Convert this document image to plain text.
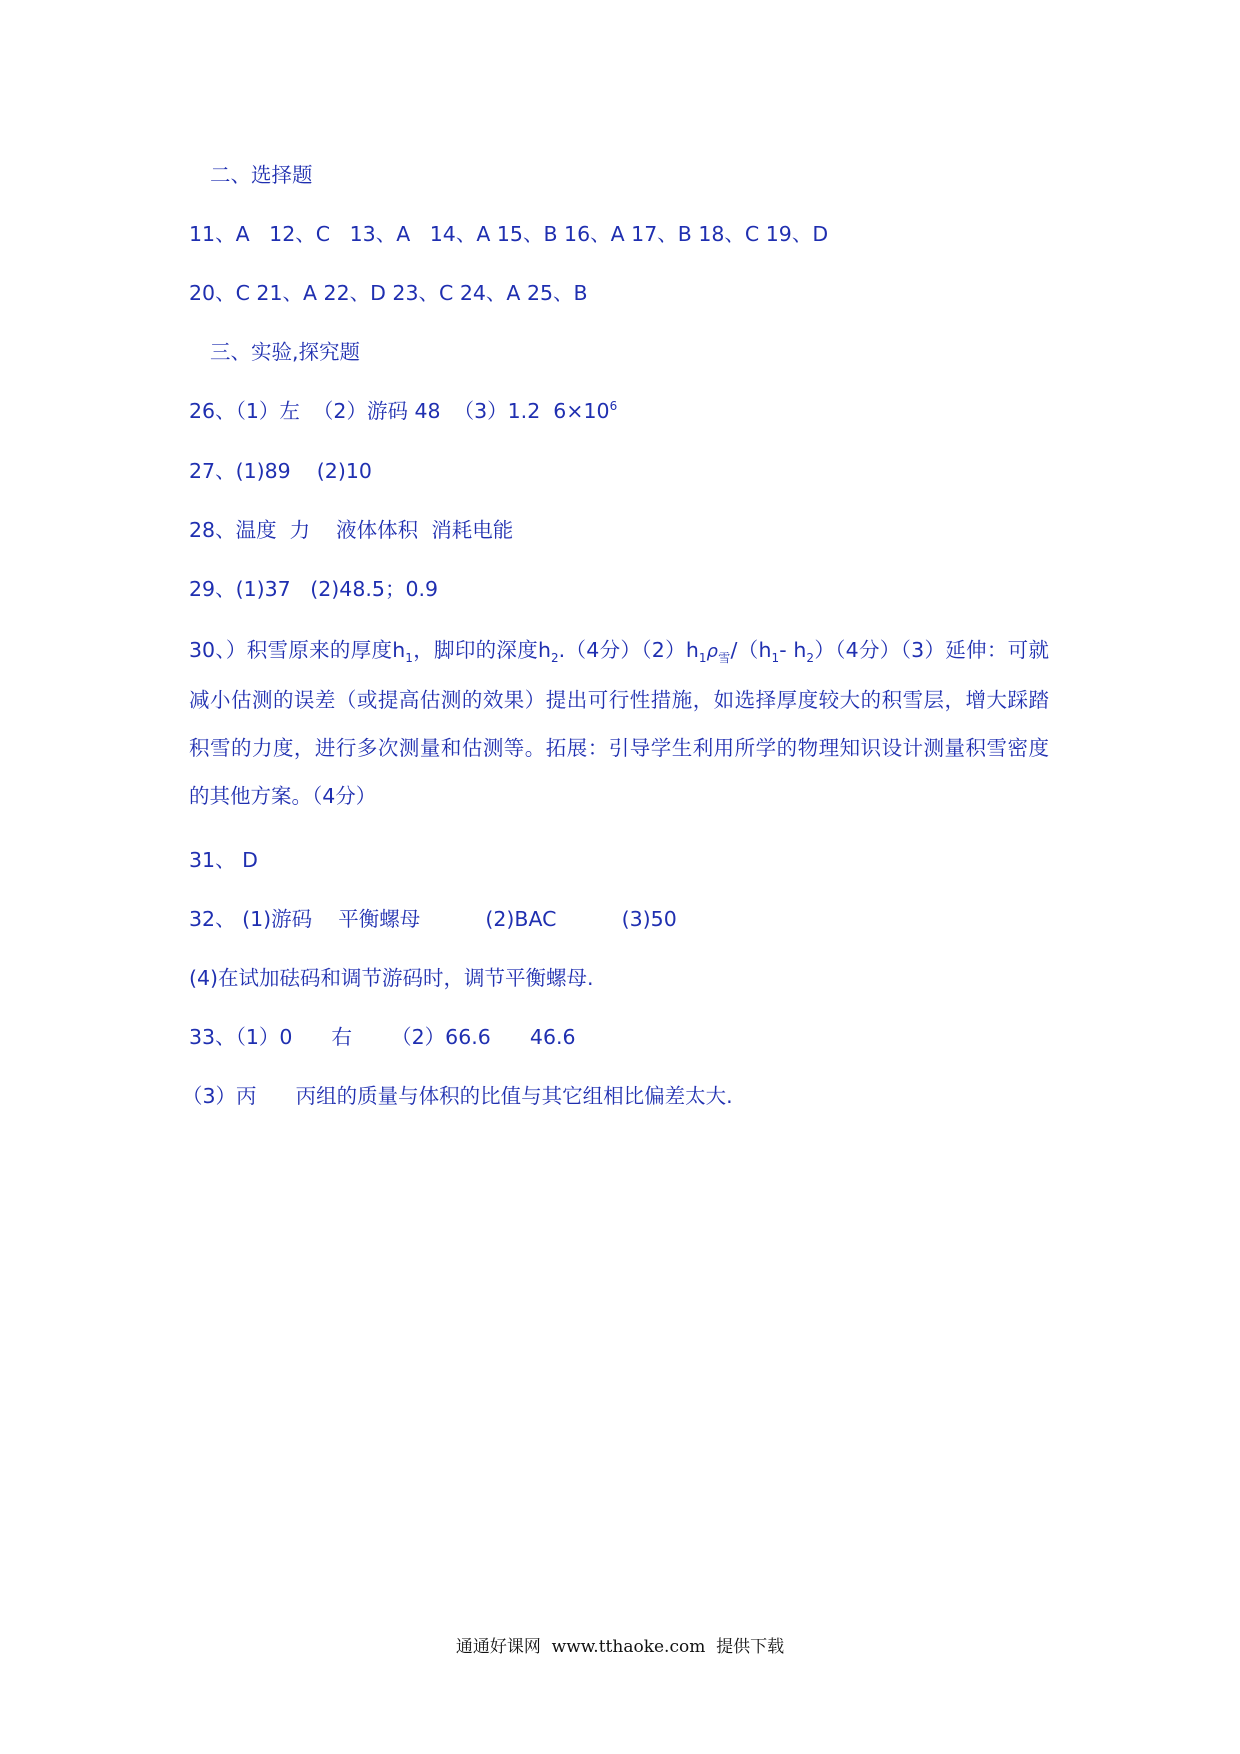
二、选择题
11、A   12、C   13、A   14、A 15、B 16、A 17、B 18、C 19、D
20、C 21、A 22、D 23、C 24、A 25、B
三、实验,探究题
26、（1）左  （2）游码 48  （3）1.2  $6\times 10^6$
27、(1)89    (2)10
28、温度  力    液体体积  消耗电能
29、(1)37   (2)48.5；0.9
30、）积雪原来的厚度$h_1$，脚印的深度$h_2.(4$分）$(2)h_1\rho_雪/(h_1-$ $h_2)(4$分）（3）延伸：可就减小估测的误差（或提高估测的效果）提出可行性措施，如选择厚度较大的积雪层，增大踩踏积雪的力度，进行多次测量和估测等。拓展：引导学生利用所学的物理知识设计测量积雪密度的其他方案。（4分）
31、 D
32、 (1)游码    平衡螺母          (2)BAC          (3)50
(4)在试加砝码和调节游码时，调节平衡螺母.
33、（1）0      右      （2）66.6      46.6
（3）丙      丙组的质量与体积的比值与其它组相比偏差太大.
通通好课网  www.tthaoke.com  提供下载
